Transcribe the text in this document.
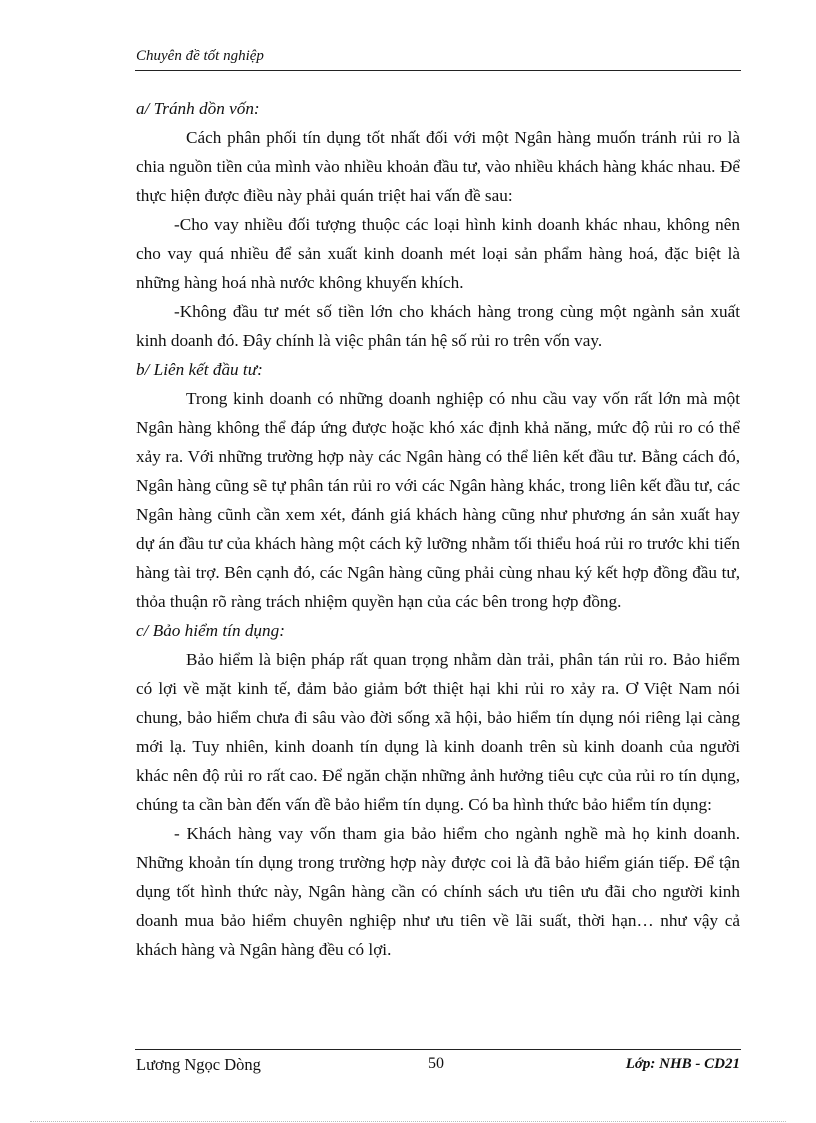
Chuyên đề tốt nghiệp

a/ Tránh dồn vốn:

Cách phân phối tín dụng tốt nhất đối với một Ngân hàng muốn tránh rủi ro là chia nguồn tiền của mình vào nhiều khoản đầu tư, vào nhiều khách hàng khác nhau. Để thực hiện được điều này phải quán triệt hai vấn đề sau:

-Cho vay nhiều đối tượng thuộc các loại hình kinh doanh khác nhau, không nên cho vay quá nhiều để sản xuất kinh doanh mét loại sản phẩm hàng hoá, đặc biệt là những hàng hoá nhà nước không khuyến khích.

-Không đầu tư mét số tiền lớn cho khách hàng trong cùng một ngành sản xuất kinh doanh đó. Đây chính là việc phân tán hệ số rủi ro trên vốn vay.

b/ Liên kết đầu tư:

Trong kinh doanh có những doanh nghiệp có nhu cầu vay vốn rất lớn mà một Ngân hàng không thể đáp ứng được hoặc khó xác định khả năng, mức độ rủi ro có thể xảy ra. Với những trường hợp này các Ngân hàng có thể liên kết đầu tư. Bằng cách đó, Ngân hàng cũng sẽ tự phân tán rủi ro với các Ngân hàng khác, trong liên kết đầu tư, các Ngân hàng cũnh cần xem xét, đánh giá khách hàng cũng như phương án sản xuất hay dự án đầu tư của khách hàng một cách kỹ lưỡng nhằm tối thiểu hoá rủi ro trước khi tiến hàng tài trợ. Bên cạnh đó, các Ngân hàng cũng phải cùng nhau ký kết hợp đồng đầu tư, thỏa thuận rõ ràng trách nhiệm quyền hạn của các bên trong hợp đồng.

c/ Bảo hiểm tín dụng:

Bảo hiểm là biện pháp rất quan trọng nhằm dàn trải, phân tán rủi ro. Bảo hiểm có lợi về mặt kinh tế, đảm bảo giảm bớt thiệt hại khi rủi ro xảy ra. Ơ Việt Nam nói chung, bảo hiểm chưa đi sâu vào đời sống xã hội, bảo hiểm tín dụng nói riêng lại càng mới lạ. Tuy nhiên, kinh doanh tín dụng là kinh doanh trên sù kinh doanh của người khác nên độ rủi ro rất cao. Để ngăn chặn những ảnh hưởng tiêu cực của rủi ro tín dụng, chúng ta cần bàn đến vấn đề bảo hiểm tín dụng. Có ba hình thức bảo hiểm tín dụng:

- Khách hàng vay vốn tham gia bảo hiểm cho ngành nghề mà họ kinh doanh. Những khoản tín dụng trong trường hợp này được coi là đã bảo hiểm gián tiếp. Để tận dụng tốt hình thức này, Ngân hàng cần có chính sách ưu tiên ưu đãi cho người kinh doanh mua bảo hiểm chuyên nghiệp như ưu tiên về lãi suất, thời hạn… như vậy cả khách hàng và Ngân hàng đều có lợi.

Lương Ngọc Dòng	50	Lớp: NHB - CD21
